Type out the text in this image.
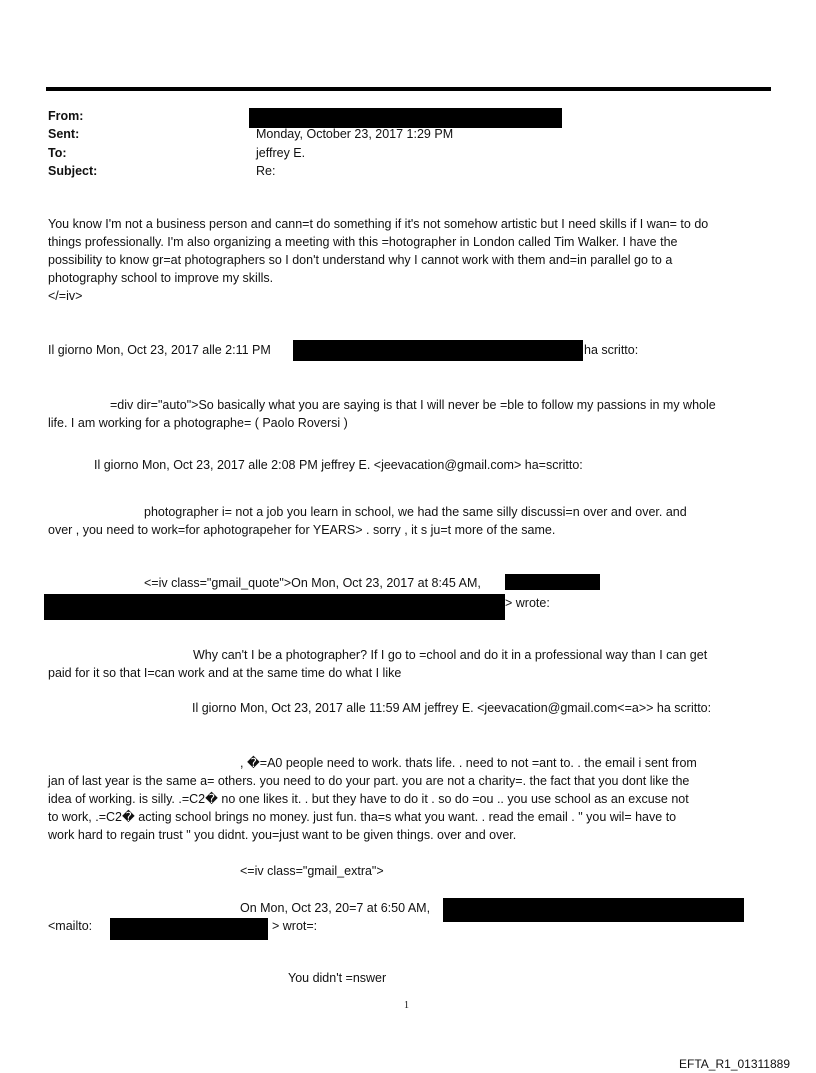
From:
Sent:	Monday, October 23, 2017 1:29 PM
To:	jeffrey E.
Subject:	Re:
You know I'm not a business person and cann=t do something if it's not somehow artistic but I need skills if I wan= to do
things professionally. I'm also organizing a meeting with this =hotographer in London called Tim Walker. I have the
possibility to know gr=at photographers so I don't understand why I cannot work with them and=in parallel go to a
photography school to improve my skills.
</=iv>
Il giorno Mon, Oct 23, 2017 alle 2:11 PM	ha scritto:
=div dir="auto">So basically what you are saying is that I will never be =ble to follow my passions in my whole
life. I am working for a photographe= ( Paolo Roversi )
Il giorno Mon, Oct 23, 2017 alle 2:08 PM jeffrey E. <jeevacation@gmail.com> ha=scritto:
photographer i= not a job you learn in school, we had the same silly discussi=n over and over. and
over , you need to work=for aphotograpeher for YEARS> . sorry , it s ju=t more of the same.
<=iv class="gmail_quote">On Mon, Oct 23, 2017 at 8:45 AM,
> wrote:
Why can't I be a photographer? If I go to =chool and do it in a professional way than I can get
paid for it so that I=can work and at the same time do what I like
Il giorno Mon, Oct 23, 2017 alle 11:59 AM jeffrey E. <jeevacation@gmail.com<=a>> ha scritto:
, �=A0 people need to work. thats life. . need to not =ant to. . the email i sent from
jan of last year is the same a= others. you need to do your part. you are not a charity=. the fact that you dont like the
idea of working. is silly. .=C2� no one likes it. . but they have to do it . so do =ou .. you use school as an excuse not
to work, .=C2� acting school brings no money. just fun. tha=s what you want. . read the email . " you wil= have to
work hard to regain trust " you didnt. you=just want to be given things. over and over.
<=iv class="gmail_extra">
On Mon, Oct 23, 20=7 at 6:50 AM,
<mailto:	> wrot=:
You didn't =nswer
1
EFTA_R1_01311889
